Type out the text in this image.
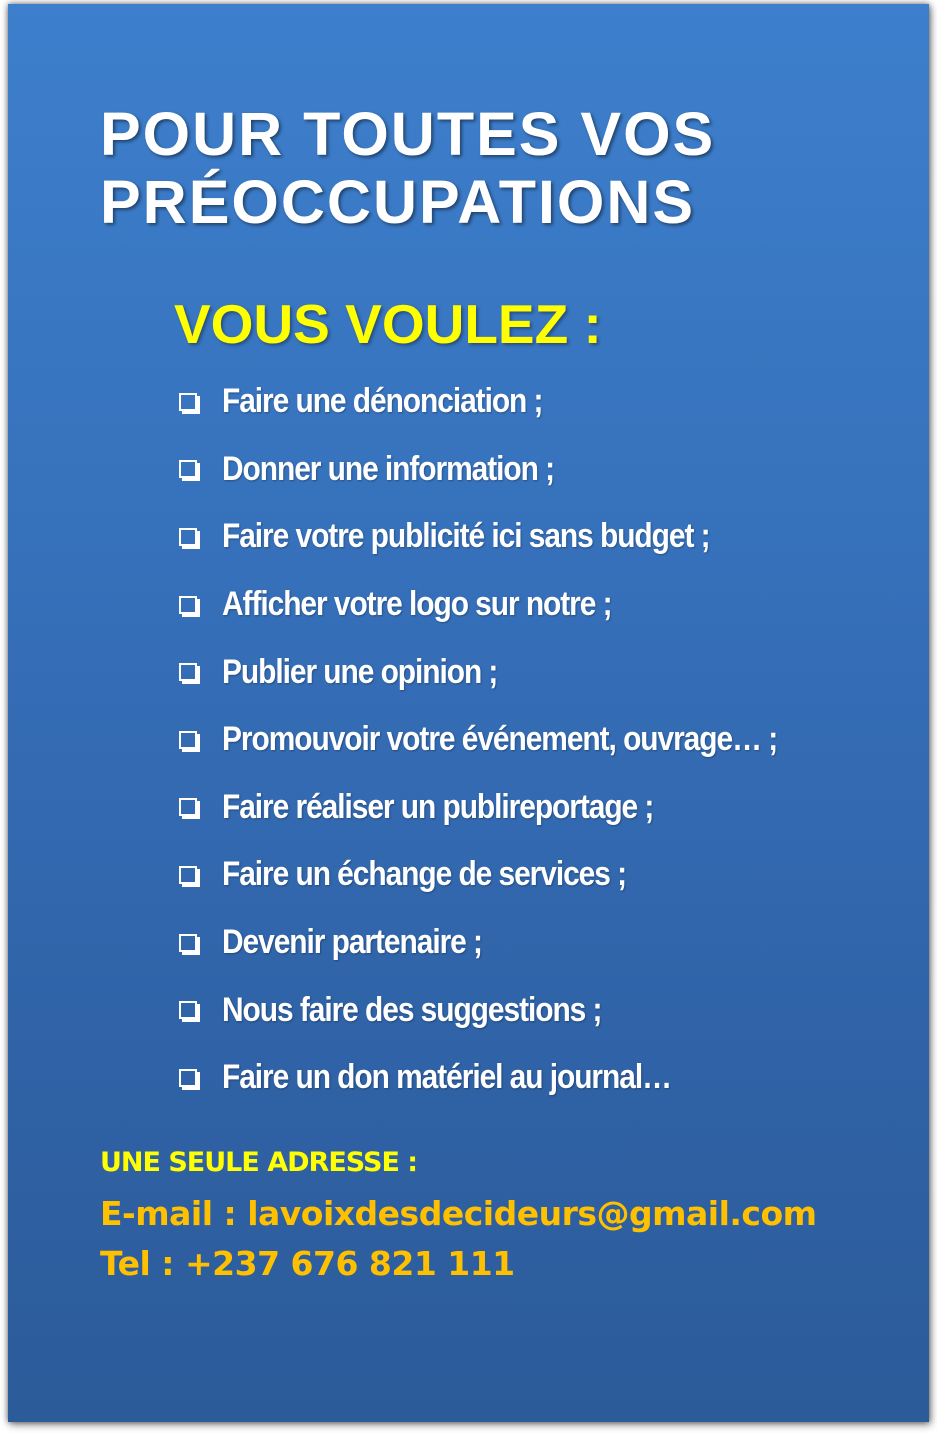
POUR TOUTES VOS
PRÉOCCUPATIONS
VOUS VOULEZ :
Faire une dénonciation ;
Donner une information ;
Faire votre publicité ici sans budget ;
Afficher votre logo sur notre ;
Publier une opinion ;
Promouvoir votre événement, ouvrage… ;
Faire réaliser un publireportage ;
Faire un échange de services ;
Devenir partenaire ;
Nous faire des suggestions ;
Faire un don matériel au journal…

UNE SEULE ADRESSE :

E-mail : lavoixdesdecideurs@gmail.com

Tel : +237 676 821 111
